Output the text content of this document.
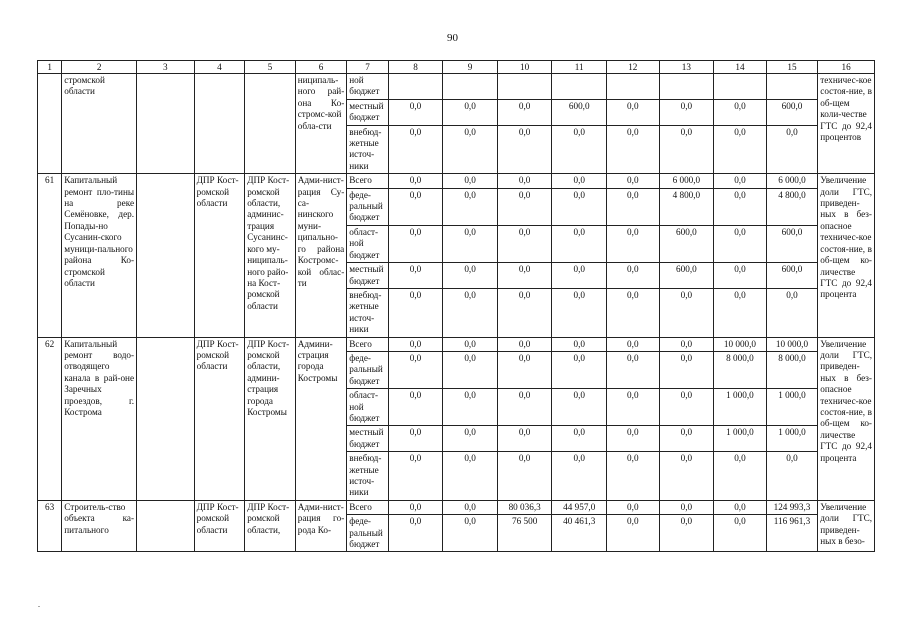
90
1	2	3	4	5	6	7	8	9	10	11	12	13	14	15	16
	стромской области				ниципаль-ного рай-она Ко-стромс-кой обла-сти	ной бюджет									техничес-кое состоя-ние, в об-щем коли-честве ГТС до 92,4 процентов
						местный бюджет	0,0	0,0	0,0	600,0	0,0	0,0	0,0	600,0	
						внебюд-жетные источ-ники	0,0	0,0	0,0	0,0	0,0	0,0	0,0	0,0	
61	Капитальный ремонт пло-тины на реке Семёновке, дер. Попады-но Сусанин-ского муници-пального района Ко-стромской области		ДПР Кост-ромской области	ДПР Кост-ромской области, админис-трация Сусанинс-кого му-ниципаль-ного райо-на Кост-ромской области	Адми-нист-рация Су-са-нинского муни-ципально-го района Костромс-кой облас-ти	Всего	0,0	0,0	0,0	0,0	0,0	6 000,0	0,0	6 000,0	Увеличение доли ГТС, приведен-ных в без-опасное техничес-кое состоя-ние, в об-щем ко-личестве ГТС до 92,4 процента
						феде-ральный бюджет	0,0	0,0	0,0	0,0	0,0	4 800,0	0,0	4 800,0	
						област-ной бюджет	0,0	0,0	0,0	0,0	0,0	600,0	0,0	600,0	
						местный бюджет	0,0	0,0	0,0	0,0	0,0	600,0	0,0	600,0	
						внебюд-жетные источ-ники	0,0	0,0	0,0	0,0	0,0	0,0	0,0	0,0	
62	Капитальный ремонт водо-отводящего канала в рай-оне Заречных проездов, г. Кострома		ДПР Кост-ромской области	ДПР Кост-ромской области, админи-страция города Костромы	Админи-страция города Костромы	Всего	0,0	0,0	0,0	0,0	0,0	0,0	10 000,0	10 000,0	Увеличение доли ГТС, приведен-ных в без-опасное техничес-кое состоя-ние, в об-щем ко-личестве ГТС до 92,4 процента
						феде-ральный бюджет	0,0	0,0	0,0	0,0	0,0	0,0	8 000,0	8 000,0	
						област-ной бюджет	0,0	0,0	0,0	0,0	0,0	0,0	1 000,0	1 000,0	
						местный бюджет	0,0	0,0	0,0	0,0	0,0	0,0	1 000,0	1 000,0	
						внебюд-жетные источ-ники	0,0	0,0	0,0	0,0	0,0	0,0	0,0	0,0	
63	Строитель-ство объекта ка-питального		ДПР Кост-ромской области	ДПР Кост-ромской области,	Адми-нист-рация го-рода Ко-	Всего	0,0	0,0	80 036,3	44 957,0	0,0	0,0	0,0	124 993,3	Увеличение доли ГТС, приведен-ных в безо-
						феде-ральный бюджет	0,0	0,0	76 500	40 461,3	0,0	0,0	0,0	116 961,3	
.
